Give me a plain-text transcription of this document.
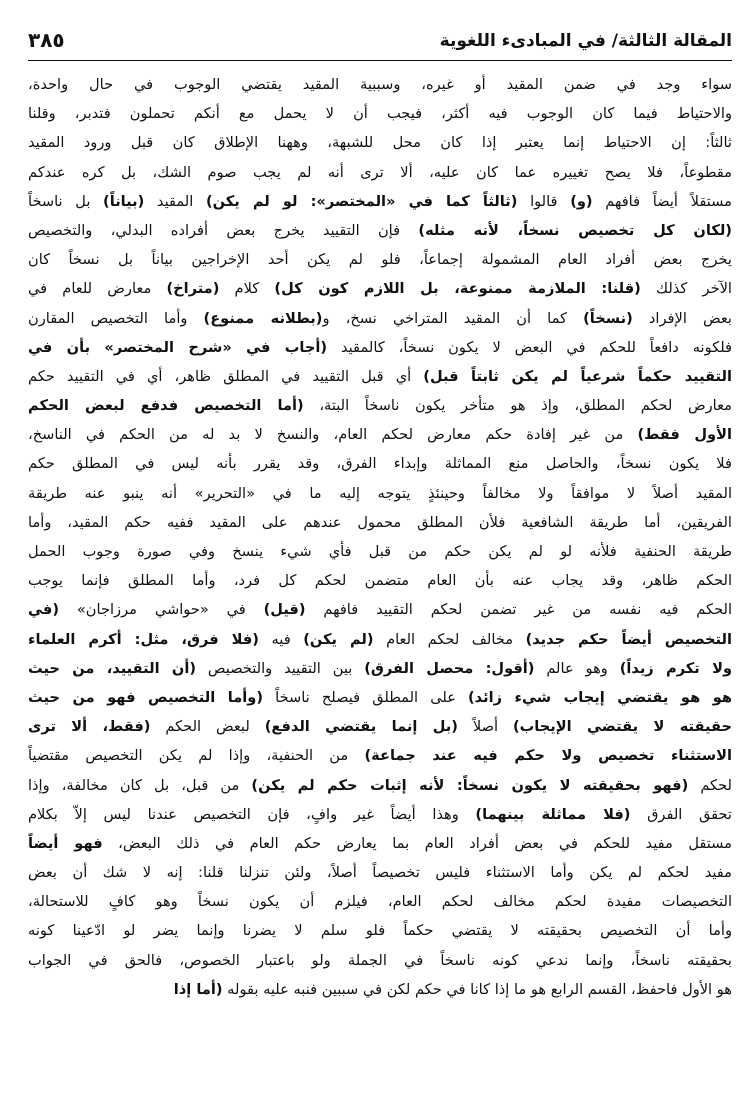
المقالة الثالثة/ في المبادىء اللغوية
٣٨٥
سواء وجد في ضمن المقيد أو غيره، وسببية المقيد يقتضي الوجوب في حال واحدة،
والاحتياط فيما كان الوجوب فيه أكثر، فيجب أن لا يحمل مع أنكم تحملون فتدبر، وقلنا
ثالثاً: إن الاحتياط إنما يعتبر إذا كان محل للشبهة، وههنا الإطلاق كان قبل ورود المقيد
مقطوعاً، فلا يصح تغييره عما كان عليه، ألا ترى أنه لم يجب صوم الشك، بل كره عندكم
مستقلاً أيضاً فافهم (و) قالوا (ثالثاً كما في «المختصر»: لو لم يكن) المقيد (بياناً) بل ناسخاً
(لكان كل تخصيص نسخاً، لأنه مثله) فإن التقييد يخرج بعض أفراده البدلي، والتخصيص
يخرج بعض أفراد العام المشمولة إجماعاً، فلو لم يكن أحد الإخراجين بياناً بل نسخاً كان
الآخر كذلك (قلنا: الملازمة ممنوعة، بل اللازم كون كل) كلام (متراخ) معارض للعام في
بعض الإفراد (نسخاً) كما أن المقيد المتراخي نسخ، و(بطلانه ممنوع) وأما التخصيص المقارن
فلكونه دافعاً للحكم في البعض لا يكون نسخاً، كالمقيد (أجاب في «شرح المختصر» بأن في
التقييد حكماً شرعياً لم يكن ثابتاً قبل) أي قبل التقييد في المطلق ظاهر، أي في التقييد حكم
معارض لحكم المطلق، وإذ هو متأخر يكون ناسخاً البتة، (أما التخصيص فدفع لبعض الحكم
الأول فقط) من غير إفادة حكم معارض لحكم العام، والنسخ لا بد له من الحكم في الناسخ،
فلا يكون نسخاً، والحاصل منع المماثلة وإبداء الفرق، وقد يقرر بأنه ليس في المطلق حكم
المقيد أصلاً لا موافقاً ولا مخالفاً وحينئذٍ يتوجه إليه ما في «التحرير» أنه ينبو عنه طريقة
الفريقين، أما طريقة الشافعية فلأن المطلق محمول عندهم على المقيد ففيه حكم المقيد، وأما
طريقة الحنفية فلأنه لو لم يكن حكم من قبل فأي شيء ينسخ وفي صورة وجوب الحمل
الحكم ظاهر، وقد يجاب عنه بأن العام متضمن لحكم كل فرد، وأما المطلق فإنما يوجب
الحكم فيه نفسه من غير تضمن لحكم التقييد فافهم (قيل) في «حواشي مرزاجان» (في
التخصيص أيضاً حكم جديد) مخالف لحكم العام (لم يكن) فيه (فلا فرق، مثل: أكرم العلماء
ولا تكرم زيداً) وهو عالم (أقول: محصل الفرق) بين التقييد والتخصيص (أن التقييد، من حيث
هو هو يقتضي إيجاب شيء زائد) على المطلق فيصلح ناسخاً (وأما التخصيص فهو من حيث
حقيقته لا يقتضي الإيجاب) أصلاً (بل إنما يقتضي الدفع) لبعض الحكم (فقط، ألا ترى
الاستثناء تخصيص ولا حكم فيه عند جماعة) من الحنفية، وإذا لم يكن التخصيص مقتضياً
لحكم (فهو بحقيقته لا يكون نسخاً: لأنه إثبات حكم لم يكن) من قبل، بل كان مخالفة، وإذا
تحقق الفرق (فلا مماثلة بينهما) وهذا أيضاً غير وافٍ، فإن التخصيص عندنا ليس إلاّ بكلام
مستقل مفيد للحكم في بعض أفراد العام بما يعارض حكم العام في ذلك البعض، فهو أيضاً
مفيد لحكم لم يكن وأما الاستثناء فليس تخصيصاً أصلاً، ولئن تنزلنا قلنا: إنه لا شك أن بعض
التخصيصات مفيدة لحكم مخالف لحكم العام، فيلزم أن يكون نسخاً وهو كافٍ للاستحالة،
وأما أن التخصيص بحقيقته لا يقتضي حكماً فلو سلم لا يضرنا وإنما يضر لو ادّعينا كونه
بحقيقته ناسخاً، وإنما ندعي كونه ناسخاً في الجملة ولو باعتبار الخصوص، فالحق في الجواب
هو الأول فاحفظ، القسم الرابع هو ما إذا كانا في حكم لكن في سببين فنبه عليه بقوله (أما إذا
